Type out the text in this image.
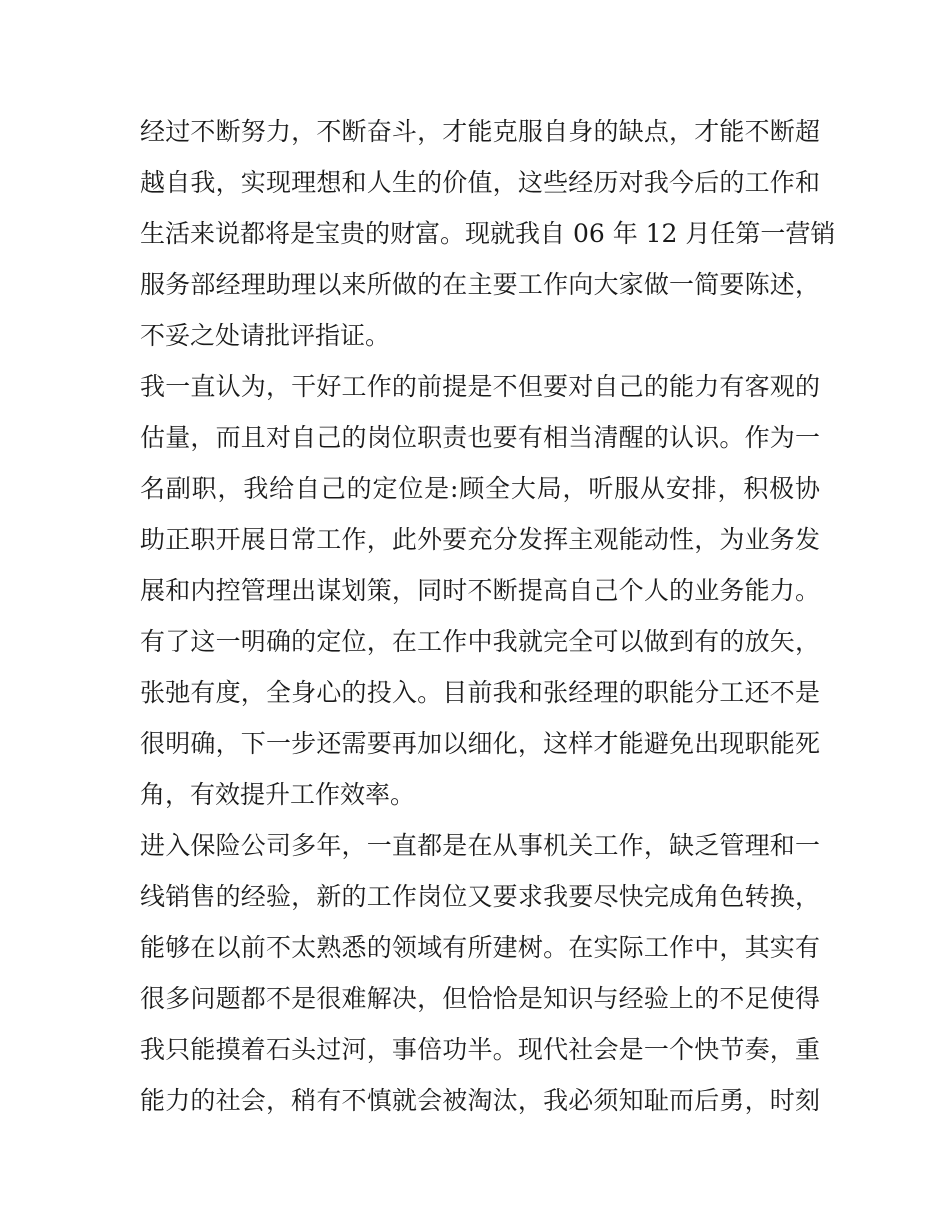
经过不断努力，不断奋斗，才能克服自身的缺点，才能不断超
越自我，实现理想和人生的价值，这些经历对我今后的工作和
生活来说都将是宝贵的财富。现就我自 06 年 12 月任第一营销
服务部经理助理以来所做的在主要工作向大家做一简要陈述，
不妥之处请批评指证。
我一直认为，干好工作的前提是不但要对自己的能力有客观的
估量，而且对自己的岗位职责也要有相当清醒的认识。作为一
名副职，我给自己的定位是:顾全大局，听服从安排，积极协
助正职开展日常工作，此外要充分发挥主观能动性，为业务发
展和内控管理出谋划策，同时不断提高自己个人的业务能力。
有了这一明确的定位，在工作中我就完全可以做到有的放矢，
张弛有度，全身心的投入。目前我和张经理的职能分工还不是
很明确，下一步还需要再加以细化，这样才能避免出现职能死
角，有效提升工作效率。
进入保险公司多年，一直都是在从事机关工作，缺乏管理和一
线销售的经验，新的工作岗位又要求我要尽快完成角色转换，
能够在以前不太熟悉的领域有所建树。在实际工作中，其实有
很多问题都不是很难解决，但恰恰是知识与经验上的不足使得
我只能摸着石头过河，事倍功半。现代社会是一个快节奏，重
能力的社会，稍有不慎就会被淘汰，我必须知耻而后勇，时刻
